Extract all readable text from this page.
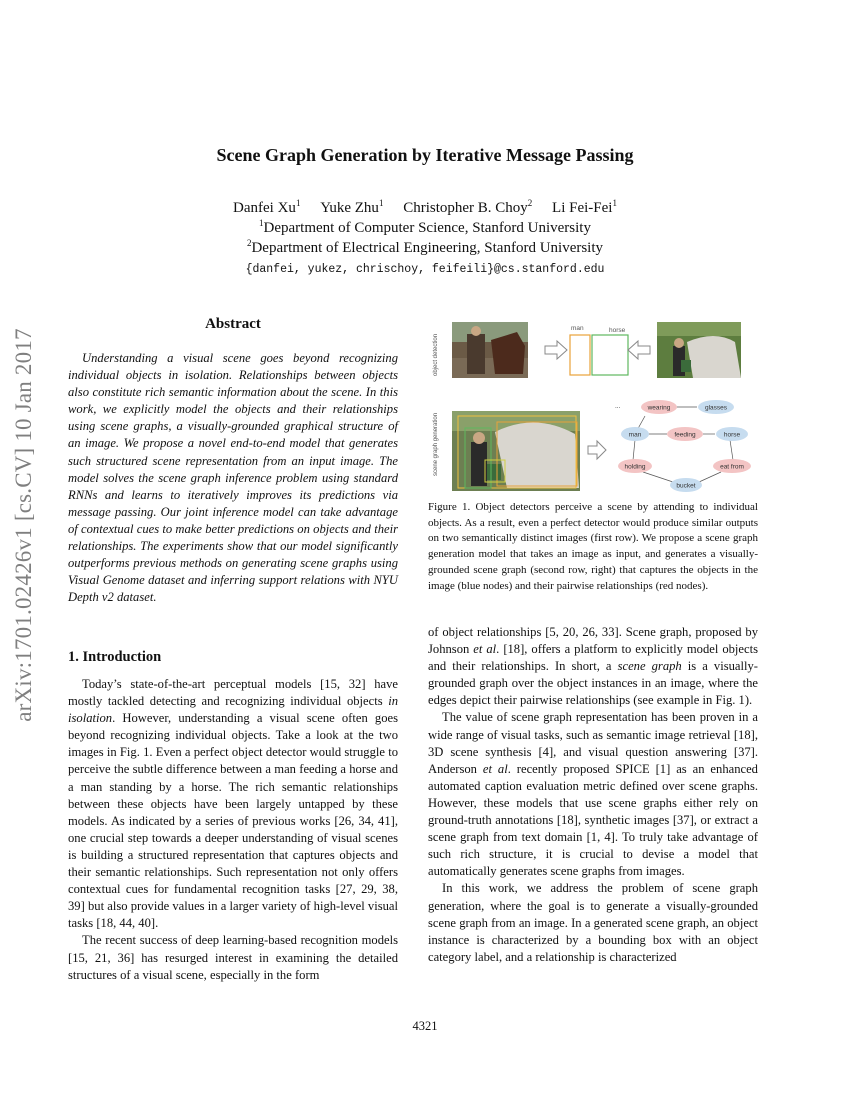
arXiv:1701.02426v1 [cs.CV] 10 Jan 2017
Scene Graph Generation by Iterative Message Passing
Danfei Xu$^1$ Yuke Zhu$^1$ Christopher B. Choy$^2$ Li Fei-Fei$^1$
$^1$Department of Computer Science, Stanford University
$^2$Department of Electrical Engineering, Stanford University
{danfei, yukez, chrischoy, feifeili}@cs.stanford.edu
Abstract

Understanding a visual scene goes beyond recognizing individual objects in isolation. Relationships between objects also constitute rich semantic information about the scene. In this work, we explicitly model the objects and their relationships using scene graphs, a visually-grounded graphical structure of an image. We propose a novel end-to-end model that generates such structured scene representation from an input image. The model solves the scene graph inference problem using standard RNNs and learns to iteratively improves its predictions via message passing. Our joint inference model can take advantage of contextual cues to make better predictions on objects and their relationships. The experiments show that our model significantly outperforms previous methods on generating scene graphs using Visual Genome dataset and inferring support relations with NYU Depth v2 dataset.

1. Introduction

Today’s state-of-the-art perceptual models [15, 32] have mostly tackled detecting and recognizing individual objects in isolation. However, understanding a visual scene often goes beyond recognizing individual objects. Take a look at the two images in Fig. 1. Even a perfect object detector would struggle to perceive the subtle difference between a man feeding a horse and a man standing by a horse. The rich semantic relationships between these objects have been largely untapped by these models. As indicated by a series of previous works [26, 34, 41], one crucial step towards a deeper understanding of visual scenes is building a structured representation that captures objects and their semantic relationships. Such representation not only offers contextual cues for fundamental recognition tasks [27, 29, 38, 39] but also provide values in a larger variety of high-level visual tasks [18, 44, 40].

The recent success of deep learning-based recognition models [15, 21, 36] has resurged interest in examining the detailed structures of a visual scene, especially in the form

object detection
scene graph generation
man	horse
...	wearing	glasses
man	feeding	horse
holding	eat from
bucket
Figure 1. Object detectors perceive a scene by attending to individual objects. As a result, even a perfect detector would produce similar outputs on two semantically distinct images (first row). We propose a scene graph generation model that takes an image as input, and generates a visually-grounded scene graph (second row, right) that captures the objects in the image (blue nodes) and their pairwise relationships (red nodes).

of object relationships [5, 20, 26, 33]. Scene graph, proposed by Johnson et al. [18], offers a platform to explicitly model objects and their relationships. In short, a scene graph is a visually-grounded graph over the object instances in an image, where the edges depict their pairwise relationships (see example in Fig. 1).

The value of scene graph representation has been proven in a wide range of visual tasks, such as semantic image retrieval [18], 3D scene synthesis [4], and visual question answering [37]. Anderson et al. recently proposed SPICE [1] as an enhanced automated caption evaluation metric defined over scene graphs. However, these models that use scene graphs either rely on ground-truth annotations [18], synthetic images [37], or extract a scene graph from text domain [1, 4]. To truly take advantage of such rich structure, it is crucial to devise a model that automatically generates scene graphs from images.

In this work, we address the problem of scene graph generation, where the goal is to generate a visually-grounded scene graph from an image. In a generated scene graph, an object instance is characterized by a bounding box with an object category label, and a relationship is characterized

4321
